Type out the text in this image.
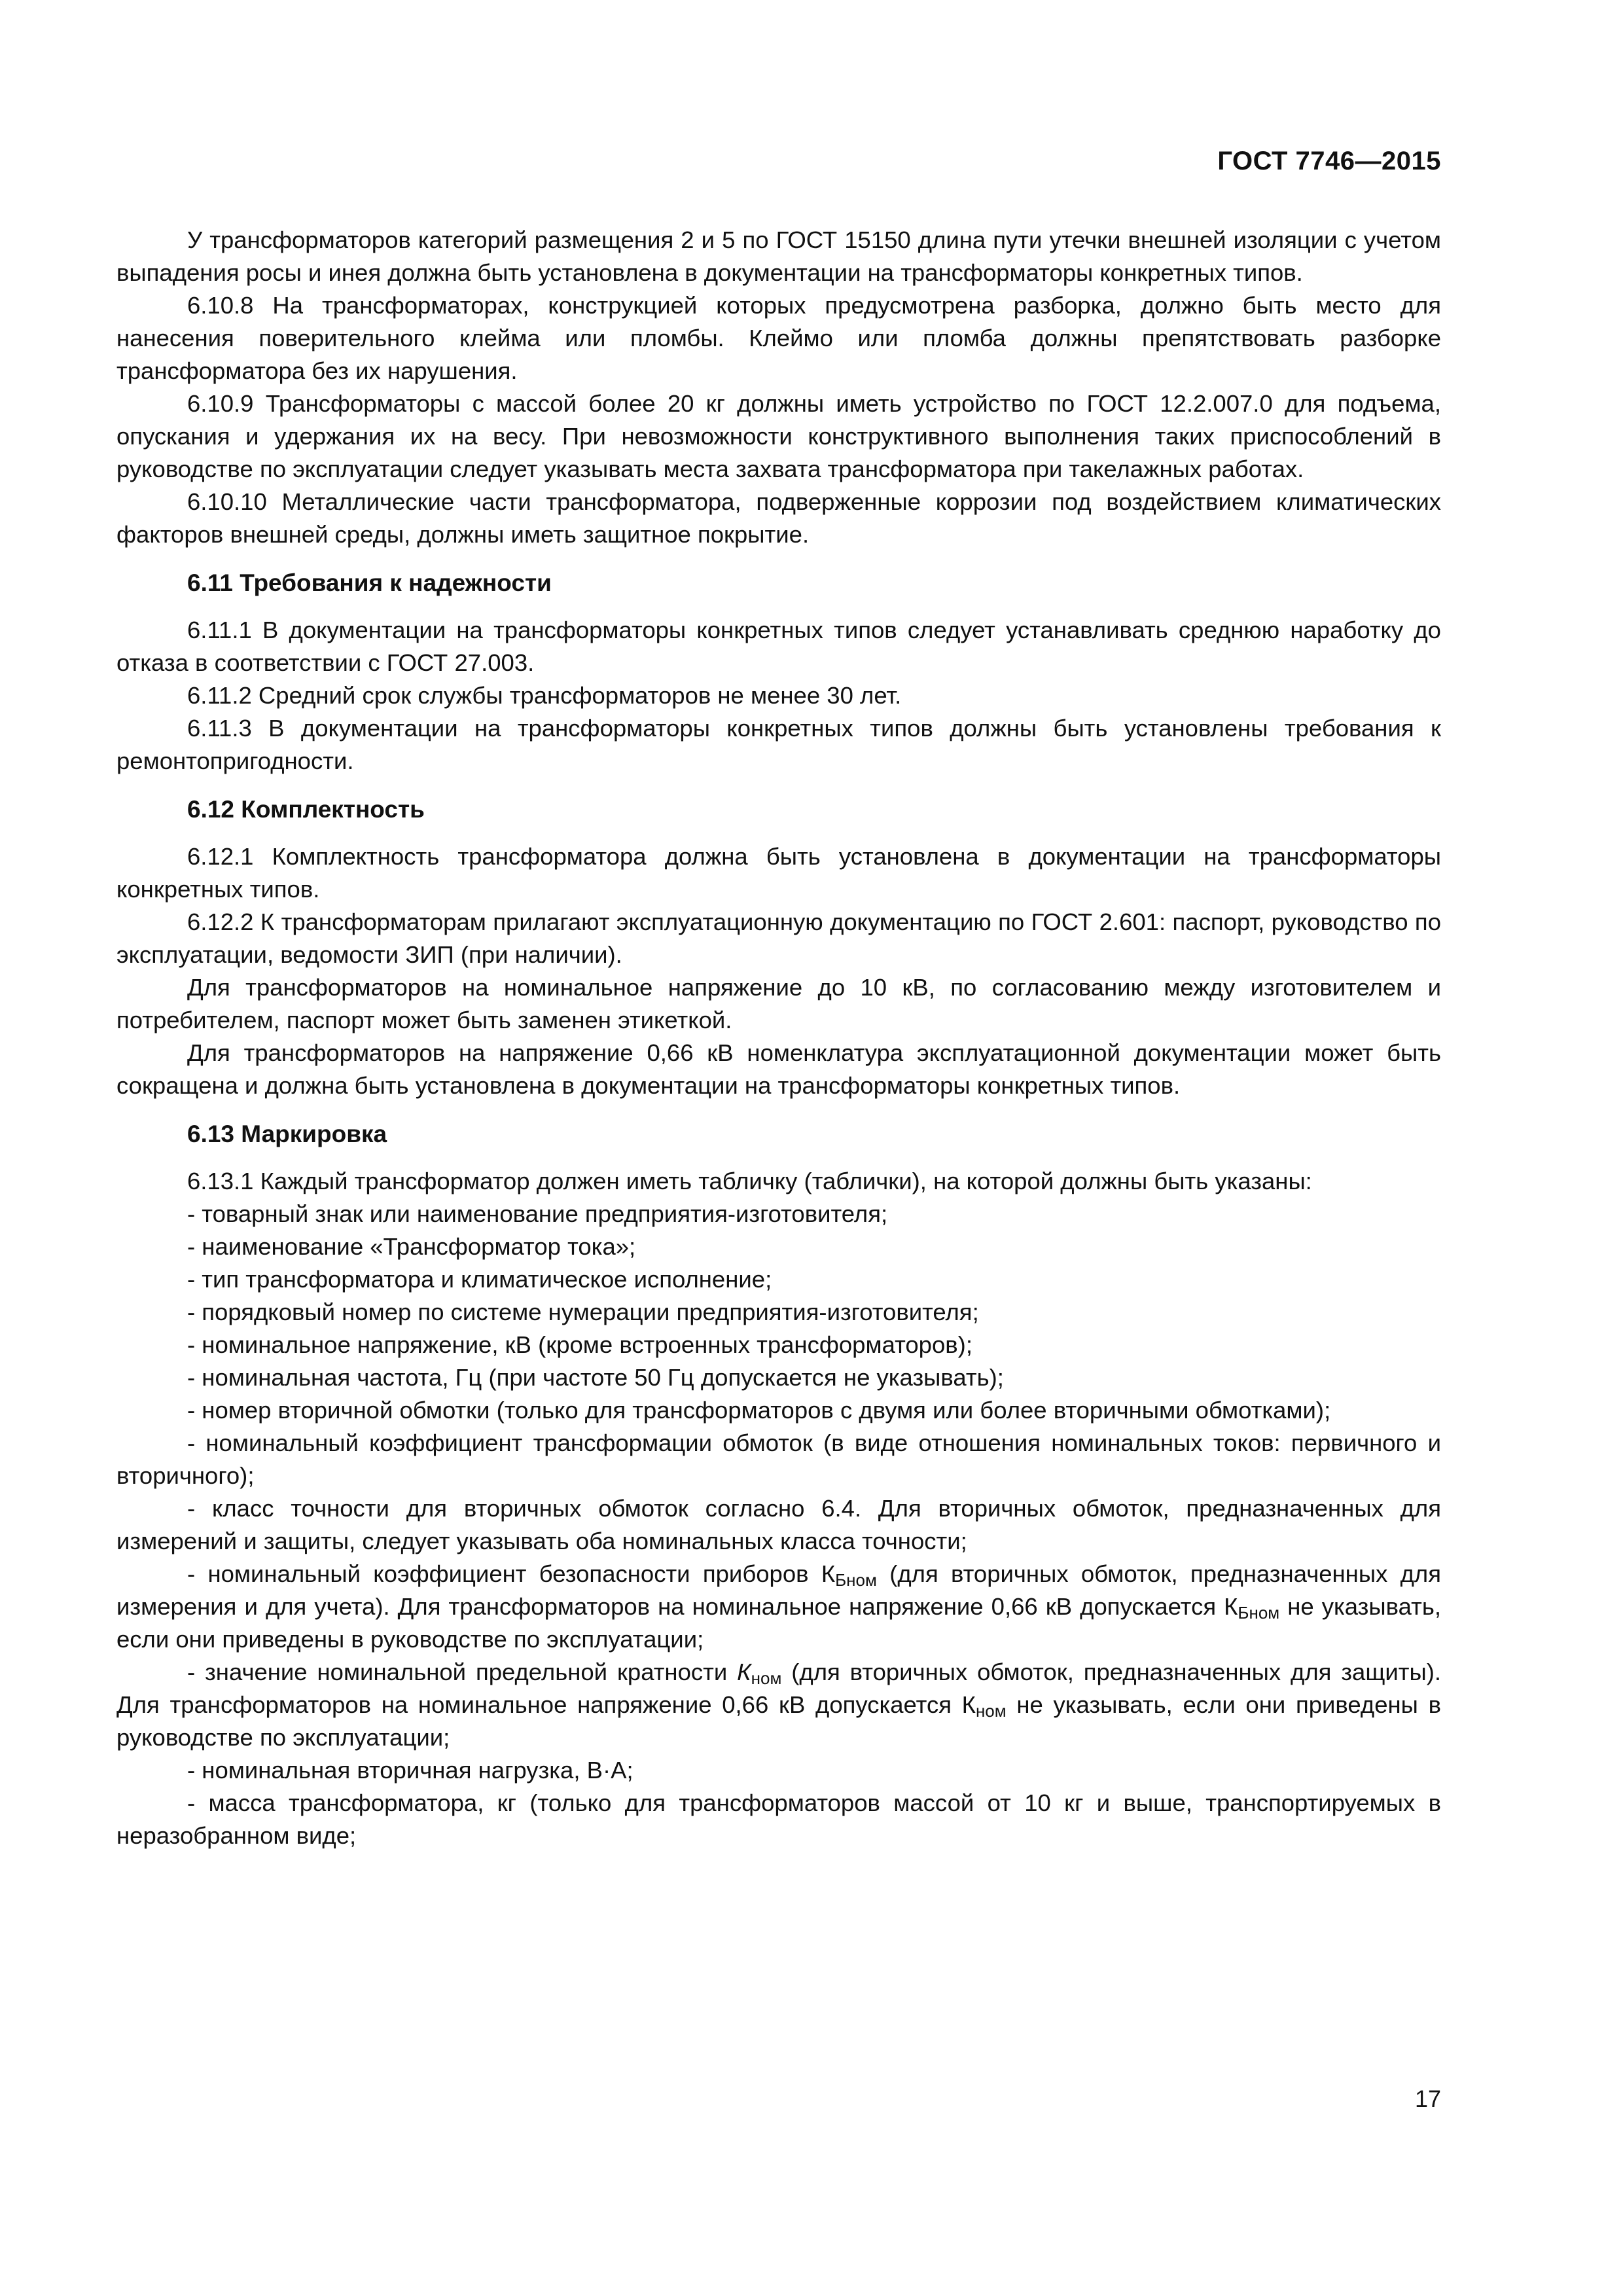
ГОСТ 7746—2015

У трансформаторов категорий размещения 2 и 5 по ГОСТ 15150 длина пути утечки внешней изоляции с учетом выпадения росы и инея должна быть установлена в документации на трансформаторы конкретных типов.

6.10.8 На трансформаторах, конструкцией которых предусмотрена разборка, должно быть место для нанесения поверительного клейма или пломбы. Клеймо или пломба должны препятствовать разборке трансформатора без их нарушения.

6.10.9 Трансформаторы с массой более 20 кг должны иметь устройство по ГОСТ 12.2.007.0 для подъема, опускания и удержания их на весу. При невозможности конструктивного выполнения таких приспособлений в руководстве по эксплуатации следует указывать места захвата трансформатора при такелажных работах.

6.10.10 Металлические части трансформатора, подверженные коррозии под воздействием климатических факторов внешней среды, должны иметь защитное покрытие.

6.11 Требования к надежности

6.11.1 В документации на трансформаторы конкретных типов следует устанавливать среднюю наработку до отказа в соответствии с ГОСТ 27.003.

6.11.2 Средний срок службы трансформаторов не менее 30 лет.

6.11.3 В документации на трансформаторы конкретных типов должны быть установлены требования к ремонтопригодности.

6.12 Комплектность

6.12.1 Комплектность трансформатора должна быть установлена в документации на трансформаторы конкретных типов.

6.12.2 К трансформаторам прилагают эксплуатационную документацию по ГОСТ 2.601: паспорт, руководство по эксплуатации, ведомости ЗИП (при наличии).

Для трансформаторов на номинальное напряжение до 10 кВ, по согласованию между изготовителем и потребителем, паспорт может быть заменен этикеткой.

Для трансформаторов на напряжение 0,66 кВ номенклатура эксплуатационной документации может быть сокращена и должна быть установлена в документации на трансформаторы конкретных типов.

6.13 Маркировка

6.13.1 Каждый трансформатор должен иметь табличку (таблички), на которой должны быть указаны:

- товарный знак или наименование предприятия-изготовителя;

- наименование «Трансформатор тока»;

- тип трансформатора и климатическое исполнение;

- порядковый номер по системе нумерации предприятия-изготовителя;

- номинальное напряжение, кВ (кроме встроенных трансформаторов);

- номинальная частота, Гц (при частоте 50 Гц допускается не указывать);

- номер вторичной обмотки (только для трансформаторов с двумя или более вторичными обмотками);

- номинальный коэффициент трансформации обмоток (в виде отношения номинальных токов: первичного и вторичного);

- класс точности для вторичных обмоток согласно 6.4. Для вторичных обмоток, предназначенных для измерений и защиты, следует указывать оба номинальных класса точности;

- номинальный коэффициент безопасности приборов $К_{Бном}$ (для вторичных обмоток, предназначенных для измерения и для учета). Для трансформаторов на номинальное напряжение 0,66 кВ допускается $К_{Бном}$ не указывать, если они приведены в руководстве по эксплуатации;

- значение номинальной предельной кратности $К_{ном}$ (для вторичных обмоток, предназначенных для защиты). Для трансформаторов на номинальное напряжение 0,66 кВ допускается $К_{ном}$ не указывать, если они приведены в руководстве по эксплуатации;

- номинальная вторичная нагрузка, В·А;

- масса трансформатора, кг (только для трансформаторов массой от 10 кг и выше, транспортируемых в неразобранном виде;

17
